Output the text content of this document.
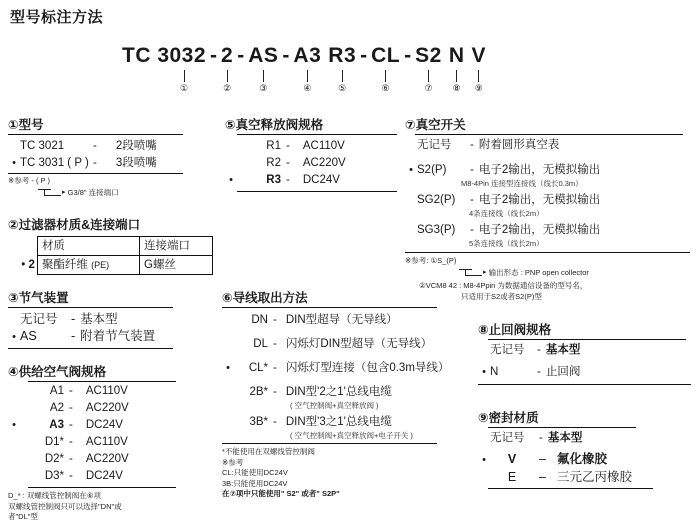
型号标注方法
TC 3032
①
- 2
②
- AS
③
- A3
④
R3
⑤
- CL
⑥
- S2
⑦
N
⑧
V
⑨
①型号
TC 3021	-	2段喷嘴
• TC 3031 ( P ) -	3段喷嘴
※参考 - ( P )
▸ G3/8" 连接端口
②过滤器材质&连接端口
	材质	连接端口
• 2	聚酯纤维 (PE)	G螺丝
③节气装置
无记号	- 基本型
• AS	- 附着节气装置
④供给空气阀规格
A1 -	AC110V
A2 -	AC220V
•	A3 -	DC24V
D1* -	AC110V
D2* -	AC220V
D3* -	DC24V
D_* : 双螺线管控制阀在⑥项
双螺线管控制阀只可以选择"DN"或
者"DL"型
⑤真空释放阀规格
R1 -	AC110V
R2 -	AC220V
•	R3 -	DC24V
⑥导线取出方法
DN - DIN型超导（无导线）
DL - 闪烁灯DIN型超导（无导线）
•	CL* - 闪烁灯型连接（包含0.3m导线）
2B* - DIN型'2之1'总线电缆
( 空气控制阀+真空释放阀 )
3B* - DIN型'3之1'总线电缆
( 空气控制阀+真空释放阀+电子开关 )
*不能使用在双螺线管控制阀
※参考
CL:只能使用DC24V
3B:只能使用DC24V
在⑦项中只能使用" S2" 或者" S2P"
⑦真空开关
无记号	- 附着圆形真空表
• S2(P)	- 电子2输出，无模拟输出
M8-4Pin 连接型连接线（线长0.3m）
SG2(P)	- 电子2输出，无模拟输出
4条连接线（线长2m）
SG3(P)	- 电子2输出，无模拟输出
5条连接线（线长2m）
※参考: ①S_(P)
▸ 输出形态 : PNP open collector
②VCM8 42 : M8-4Ppin 为数据通信设备的型号名，
只适用于S2或者S2(P)型
⑧止回阀规格
无记号	- 基本型
• N	- 止回阀
⑨密封材质
无记号	- 基本型
•	V	– 氟化橡胶
E	– 三元乙丙橡胶
